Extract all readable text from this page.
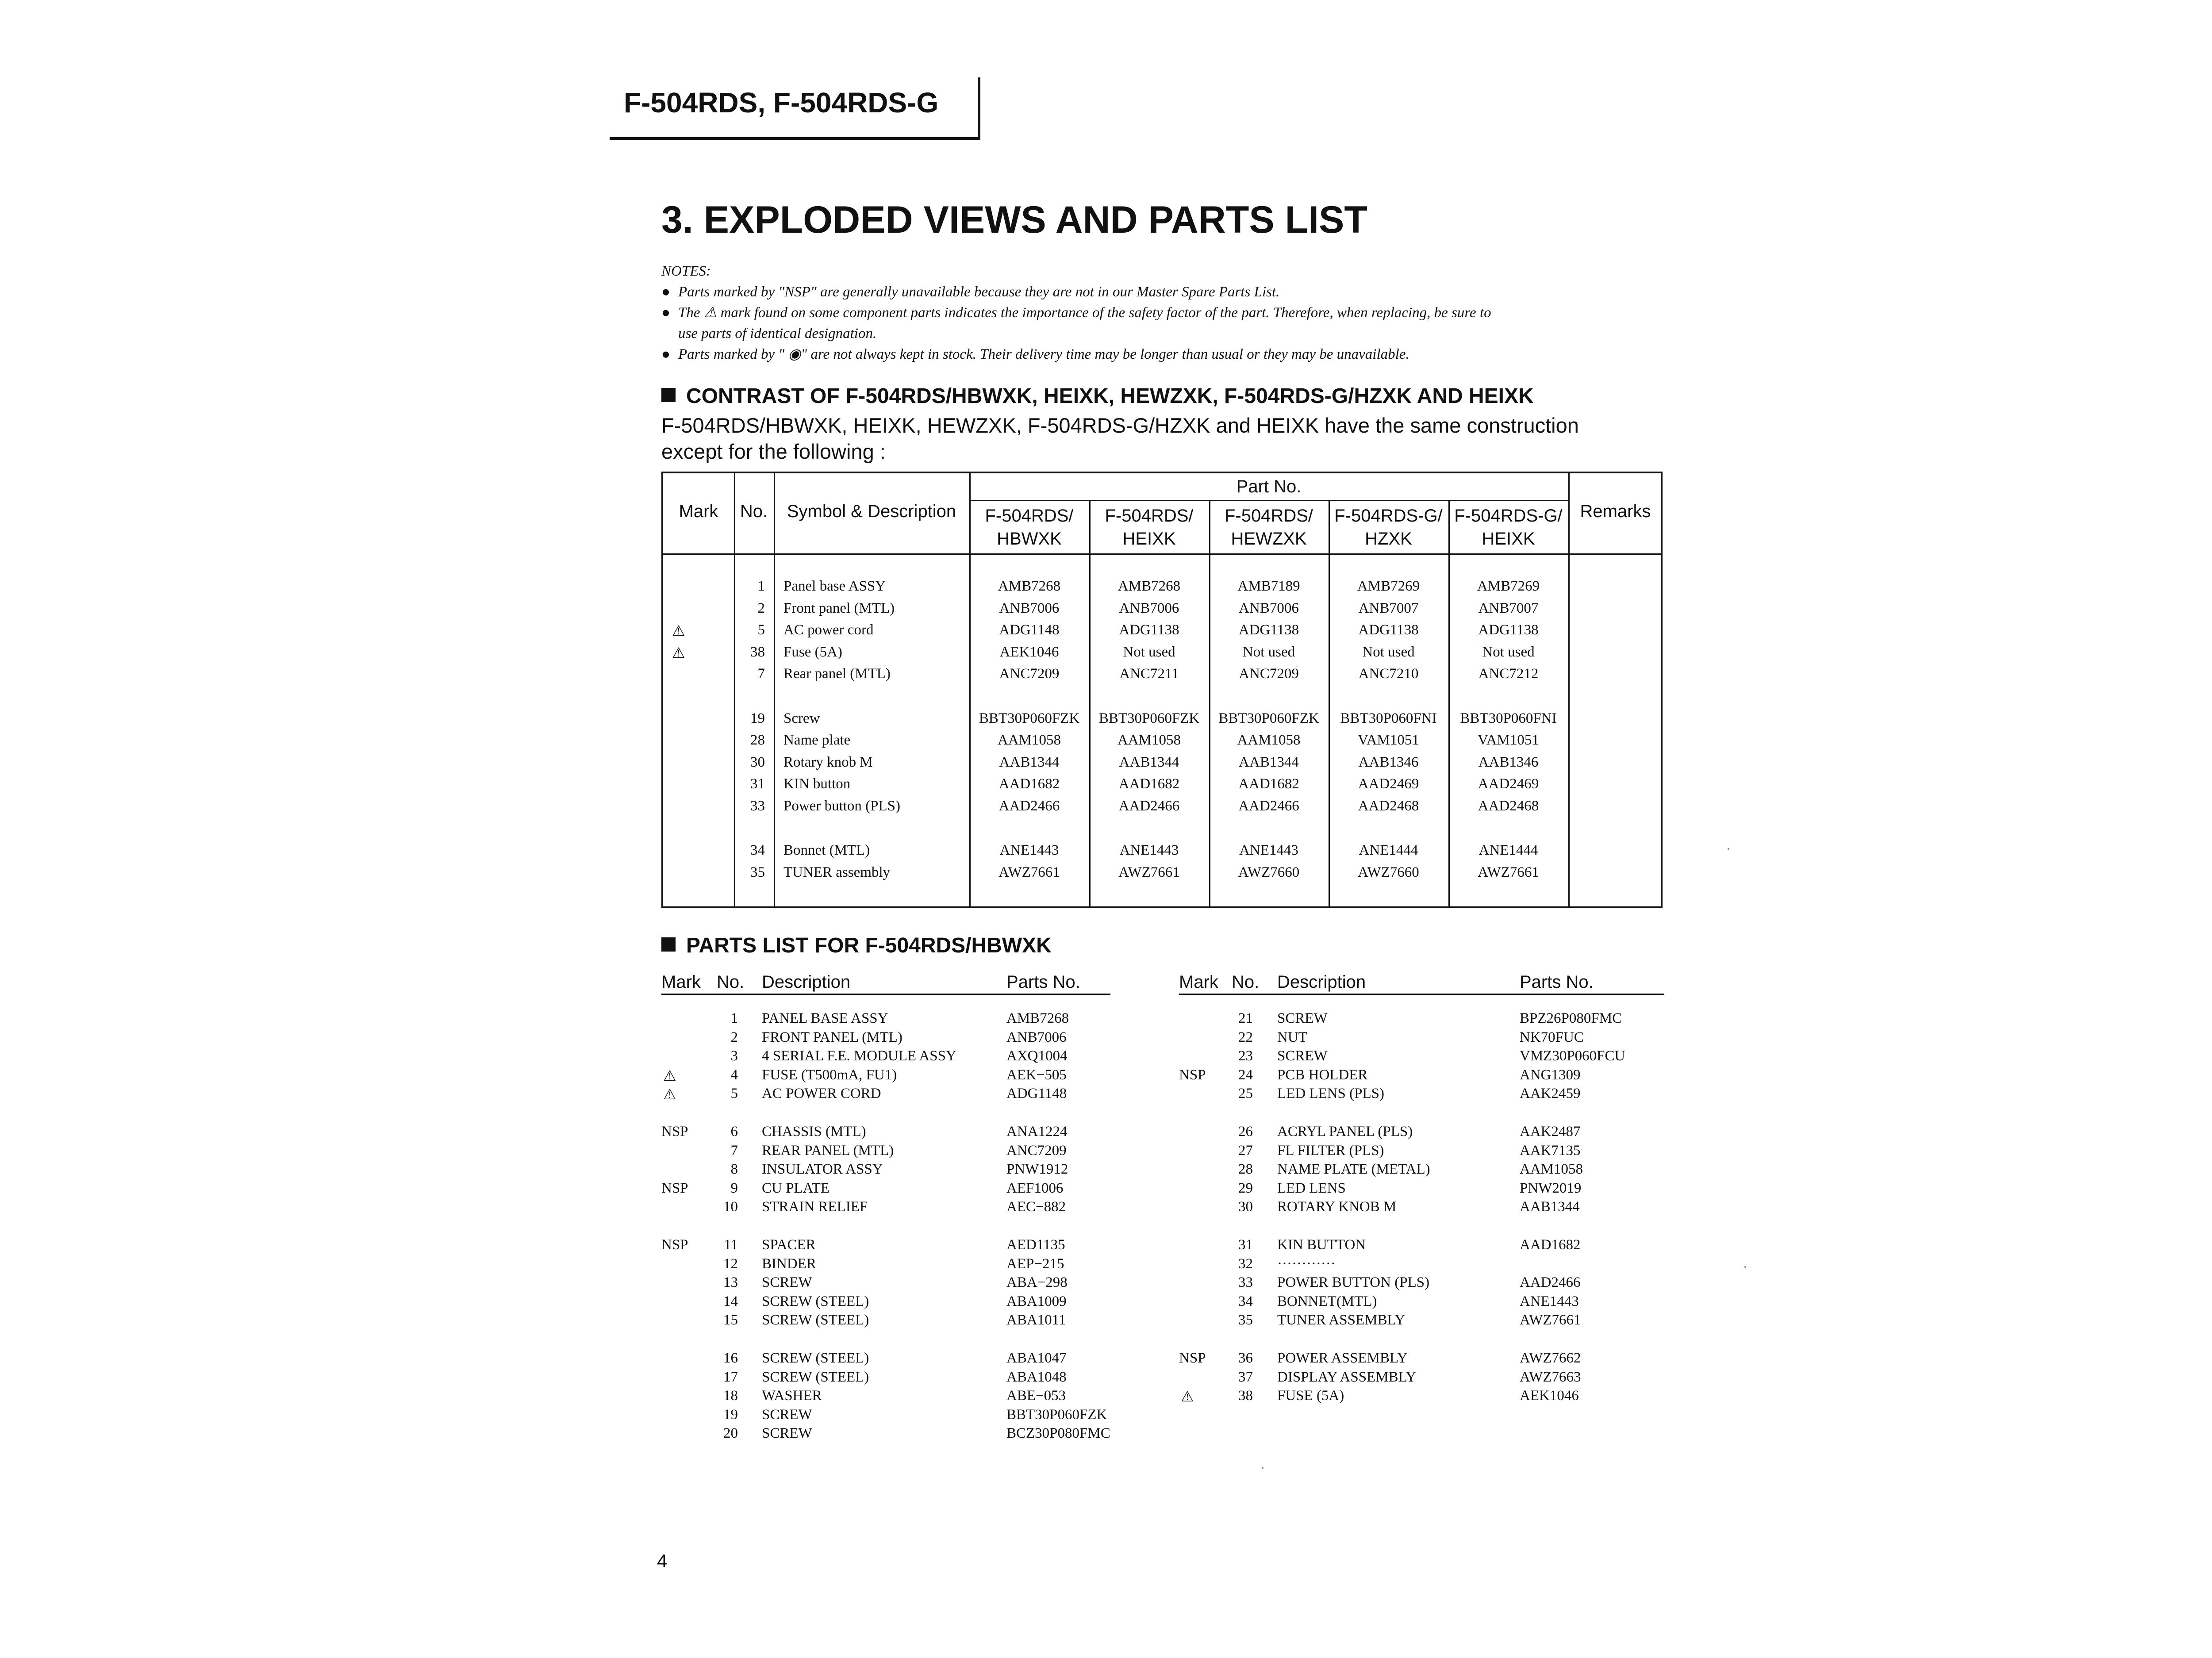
F-504RDS, F-504RDS-G
3. EXPLODED VIEWS AND PARTS LIST
NOTES:
● Parts marked by "NSP" are generally unavailable because they are not in our Master Spare Parts List.
● The ⚠ mark found on some component parts indicates the importance of the safety factor of the part. Therefore, when replacing, be sure to
use parts of identical designation.
● Parts marked by " ◉" are not always kept in stock. Their delivery time may be longer than usual or they may be unavailable.
CONTRAST OF F-504RDS/HBWXK, HEIXK, HEWZXK, F-504RDS-G/HZXK AND HEIXK
F-504RDS/HBWXK, HEIXK, HEWZXK, F-504RDS-G/HZXK and HEIXK have the same construction
except for the following :
Mark	No.	Symbol & Description
Part No.
Remarks
F-504RDS/
HBWXK
F-504RDS/
HEIXK
F-504RDS/
HEWZXK
F-504RDS-G/
HZXK
F-504RDS-G/
HEIXK
1 Panel base ASSY	AMB7268	AMB7268	AMB7189	AMB7269	AMB7269
2 Front panel (MTL)	ANB7006	ANB7006	ANB7006	ANB7007	ANB7007
⚠	5 AC power cord	ADG1148	ADG1138	ADG1138	ADG1138	ADG1138
⚠	38 Fuse (5A)	AEK1046	Not used	Not used	Not used	Not used
7 Rear panel (MTL)	ANC7209	ANC7211	ANC7209	ANC7210	ANC7212
19 Screw	BBT30P060FZK	BBT30P060FZK	BBT30P060FZK	BBT30P060FNI	BBT30P060FNI
28 Name plate	AAM1058	AAM1058	AAM1058	VAM1051	VAM1051
30 Rotary knob M	AAB1344	AAB1344	AAB1344	AAB1346	AAB1346
31 KIN button	AAD1682	AAD1682	AAD1682	AAD2469	AAD2469
33 Power button (PLS)	AAD2466	AAD2466	AAD2466	AAD2468	AAD2468
34 Bonnet (MTL)	ANE1443	ANE1443	ANE1443	ANE1444	ANE1444
35 TUNER assembly	AWZ7661	AWZ7661	AWZ7660	AWZ7660	AWZ7661
PARTS LIST FOR F-504RDS/HBWXK
Mark No. Description	Parts No.
1 PANEL BASE ASSY	AMB7268
2 FRONT PANEL (MTL)	ANB7006
3 4 SERIAL F.E. MODULE ASSY	AXQ1004
⚠	4 FUSE (T500mA, FU1)	AEK−505
⚠	5 AC POWER CORD	ADG1148
NSP	6 CHASSIS (MTL)	ANA1224
7 REAR PANEL (MTL)	ANC7209
8 INSULATOR ASSY	PNW1912
NSP	9 CU PLATE	AEF1006
10 STRAIN RELIEF	AEC−882
NSP	11 SPACER	AED1135
12 BINDER	AEP−215
13 SCREW	ABA−298
14 SCREW (STEEL)	ABA1009
15 SCREW (STEEL)	ABA1011
16 SCREW (STEEL)	ABA1047
17 SCREW (STEEL)	ABA1048
18 WASHER	ABE−053
19 SCREW	BBT30P060FZK
20 SCREW	BCZ30P080FMC
Mark No. Description	Parts No.
21 SCREW	BPZ26P080FMC
22 NUT	NK70FUC
23 SCREW	VMZ30P060FCU
NSP	24 PCB HOLDER	ANG1309
25 LED LENS (PLS)	AAK2459
26 ACRYL PANEL (PLS)	AAK2487
27 FL FILTER (PLS)	AAK7135
28 NAME PLATE (METAL)	AAM1058
29 LED LENS	PNW2019
30 ROTARY KNOB M	AAB1344
31 KIN BUTTON	AAD1682
32 ············
33 POWER BUTTON (PLS)	AAD2466
34 BONNET(MTL)	ANE1443
35 TUNER ASSEMBLY	AWZ7661
NSP	36 POWER ASSEMBLY	AWZ7662
37 DISPLAY ASSEMBLY	AWZ7663
⚠	38 FUSE (5A)	AEK1046
4
